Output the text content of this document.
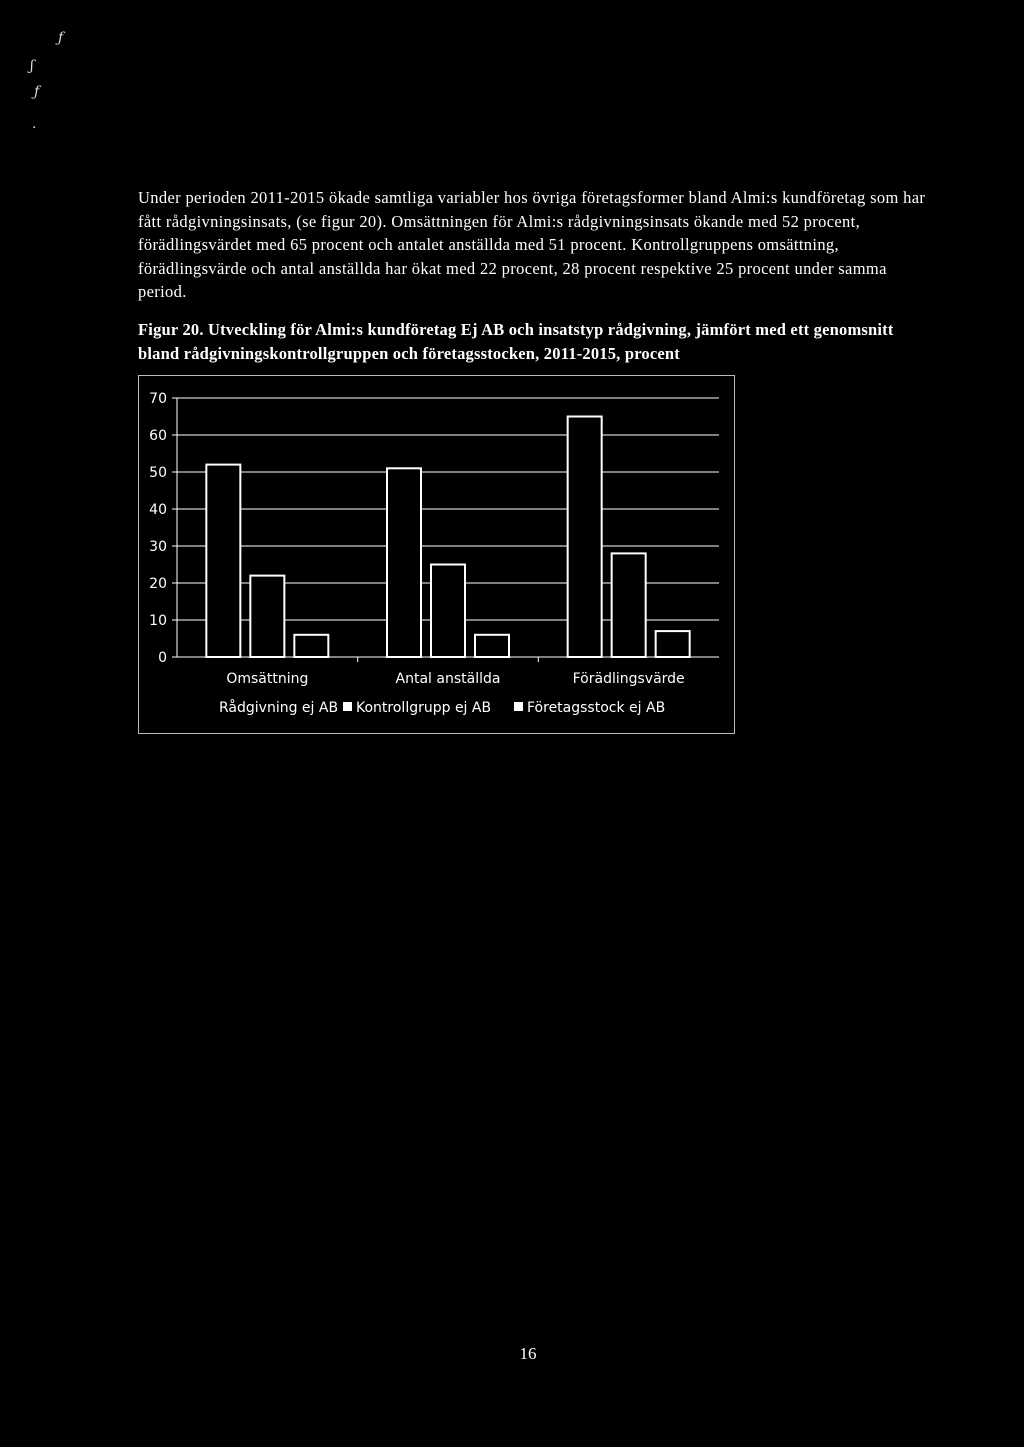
ƒ
ʃ
ƒ
·

Under perioden 2011-2015 ökade samtliga variabler hos övriga företagsformer bland Almi:s kundföretag som har fått rådgivningsinsats, (se figur 20). Omsättningen för Almi:s rådgivningsinsats ökande med 52 procent, förädlingsvärdet med 65 procent och antalet anställda med 51 procent. Kontrollgruppens omsättning, förädlingsvärde och antal anställda har ökat med 22 procent, 28 procent respektive 25 procent under samma period.

Figur 20. Utveckling för Almi:s kundföretag Ej AB och insatstyp rådgivning, jämfört med ett genomsnitt bland rådgivningskontrollgruppen och företagsstocken, 2011-2015, procent

0
10
20
30
40
50
60
70
Omsättning	Antal anställda	Förädlingsvärde
Rådgivning ej AB Kontrollgrupp ej AB	Företagsstock ej AB
16
